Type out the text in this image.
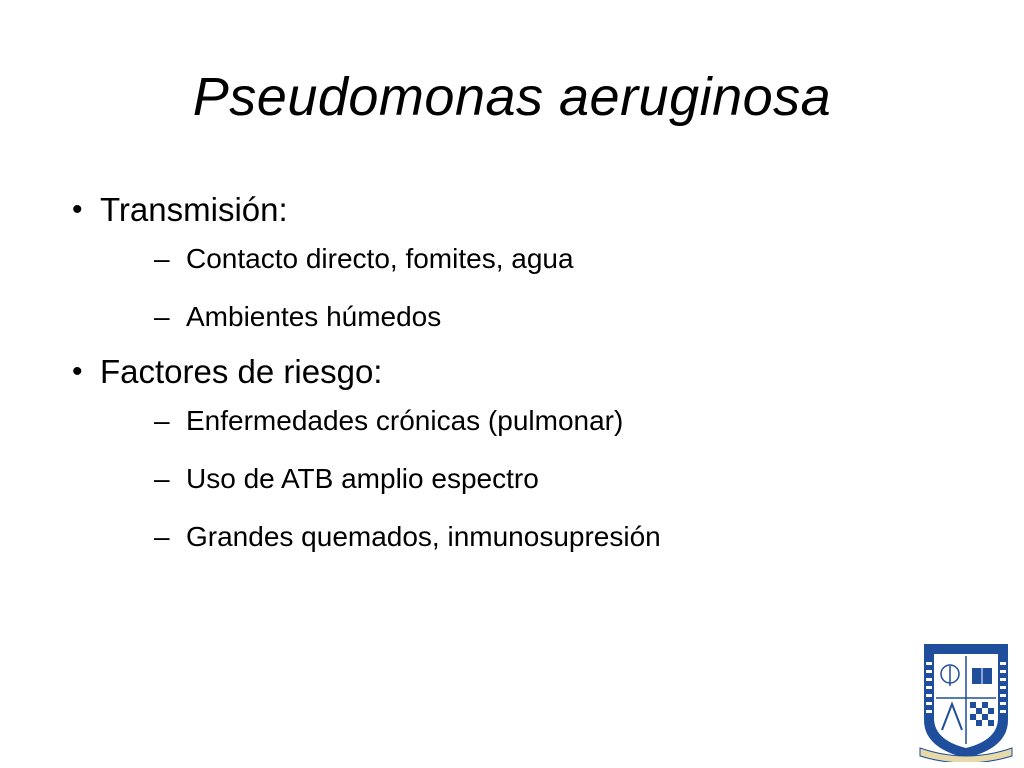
Pseudomonas aeruginosa
• Transmisión:
– Contacto directo, fomites, agua
– Ambientes húmedos
• Factores de riesgo:
– Enfermedades crónicas (pulmonar)
– Uso de ATB amplio espectro
– Grandes quemados, inmunosupresión
